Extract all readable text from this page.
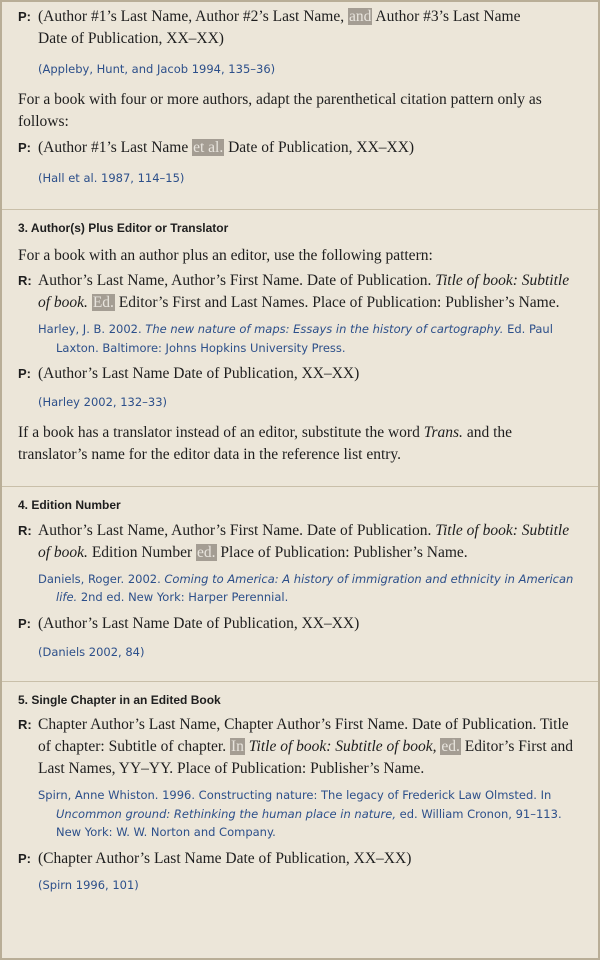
P: (Author #1’s Last Name, Author #2’s Last Name, and Author #3’s Last Name
Date of Publication, XX–XX)
(Appleby, Hunt, and Jacob 1994, 135–36)
For a book with four or more authors, adapt the parenthetical citation pattern only as follows:
P: (Author #1’s Last Name et al. Date of Publication, XX–XX)
(Hall et al. 1987, 114–15)
3. Author(s) Plus Editor or Translator
For a book with an author plus an editor, use the following pattern:
R: Author’s Last Name, Author’s First Name. Date of Publication. Title of book: Subtitle of book. Ed. Editor’s First and Last Names. Place of Publication: Publisher’s Name.
Harley, J. B. 2002. The new nature of maps: Essays in the history of cartography. Ed. Paul Laxton. Baltimore: Johns Hopkins University Press.
P: (Author’s Last Name Date of Publication, XX–XX)
(Harley 2002, 132–33)
If a book has a translator instead of an editor, substitute the word Trans. and the translator’s name for the editor data in the reference list entry.
4. Edition Number
R: Author’s Last Name, Author’s First Name. Date of Publication. Title of book: Subtitle of book. Edition Number ed. Place of Publication: Publisher’s Name.
Daniels, Roger. 2002. Coming to America: A history of immigration and ethnicity in American life. 2nd ed. New York: Harper Perennial.
P: (Author’s Last Name Date of Publication, XX–XX)
(Daniels 2002, 84)
5. Single Chapter in an Edited Book
R: Chapter Author’s Last Name, Chapter Author’s First Name. Date of Publication. Title of chapter: Subtitle of chapter. In Title of book: Subtitle of book, ed. Editor’s First and Last Names, YY–YY. Place of Publication: Publisher’s Name.
Spirn, Anne Whiston. 1996. Constructing nature: The legacy of Frederick Law Olmsted. In Uncommon ground: Rethinking the human place in nature, ed. William Cronon, 91–113. New York: W. W. Norton and Company.
P: (Chapter Author’s Last Name Date of Publication, XX–XX)
(Spirn 1996, 101)
